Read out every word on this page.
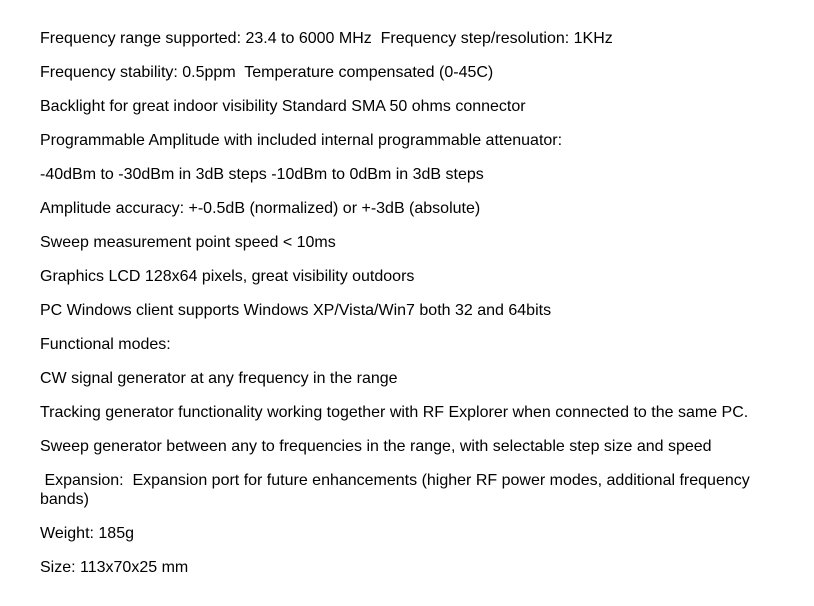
Frequency range supported: 23.4 to 6000 MHz  Frequency step/resolution: 1KHz

Frequency stability: 0.5ppm  Temperature compensated (0-45C)

Backlight for great indoor visibility Standard SMA 50 ohms connector

Programmable Amplitude with included internal programmable attenuator:

-40dBm to -30dBm in 3dB steps -10dBm to 0dBm in 3dB steps

Amplitude accuracy: +-0.5dB (normalized) or +-3dB (absolute)

Sweep measurement point speed < 10ms

Graphics LCD 128x64 pixels, great visibility outdoors

PC Windows client supports Windows XP/Vista/Win7 both 32 and 64bits

Functional modes:

CW signal generator at any frequency in the range

Tracking generator functionality working together with RF Explorer when connected to the same PC.

Sweep generator between any to frequencies in the range, with selectable step size and speed

Expansion:  Expansion port for future enhancements (higher RF power modes, additional frequency bands)

Weight: 185g

Size: 113x70x25 mm
